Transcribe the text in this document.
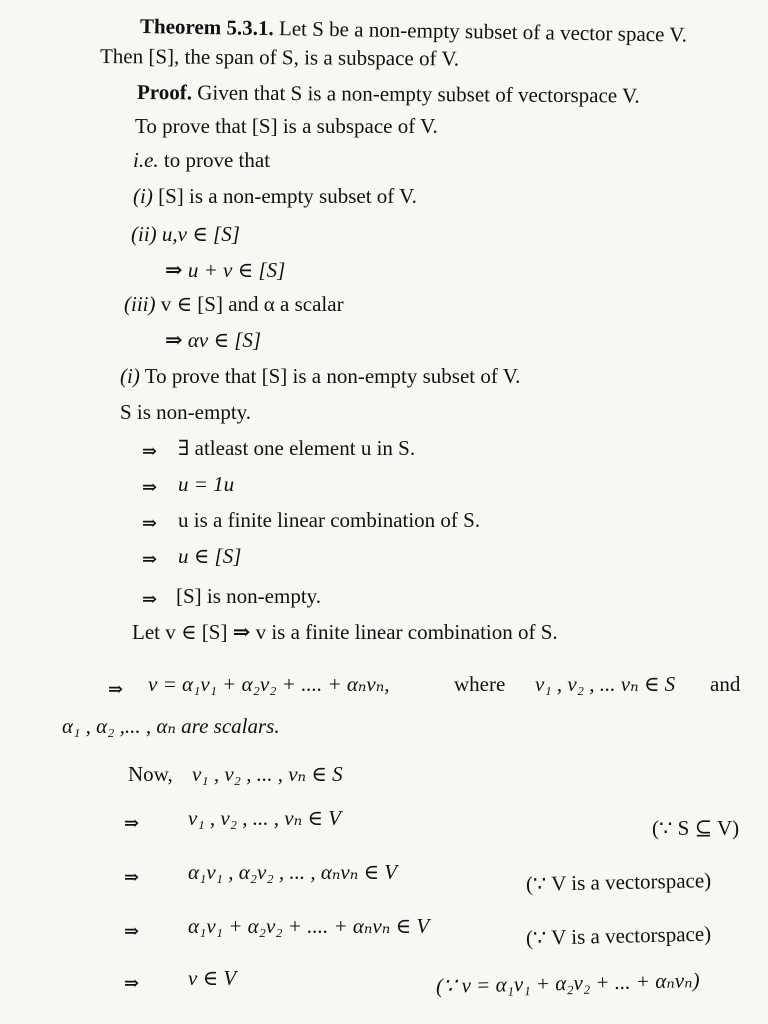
Theorem 5.3.1. Let S be a non-empty subset of a vector space V.
Then [S], the span of S, is a subspace of V.
Proof. Given that S is a non-empty subset of vectorspace V.
To prove that [S] is a subspace of V.
i.e. to prove that
(i) [S] is a non-empty subset of V.
(ii) u,v ∈ [S]
⇒ u + v ∈ [S]
(iii) v ∈ [S] and α a scalar
⇒ αv ∈ [S]
(i) To prove that [S] is a non-empty subset of V.
S is non-empty.
⇒ ∃ atleast one element u in S.
⇒ u = 1u
⇒ u is a finite linear combination of S.
⇒ u ∈ [S]
⇒ [S] is non-empty.
Let v ∈ [S] ⇒ v is a finite linear combination of S.
⇒ v = α₁v₁ + α₂v₂ + .... + αₙvₙ,	where v₁ , v₂ , ... vₙ ∈ S and
α₁ , α₂ ,... , αₙ are scalars.
Now, v₁ , v₂ , ... , vₙ ∈ S
⇒ v₁ , v₂ , ... , vₙ ∈ V	(∵ S ⊆ V)
⇒ α₁v₁ , α₂v₂ , ... , αₙvₙ ∈ V	(∵ V is a vectorspace)
⇒ α₁v₁ + α₂v₂ + .... + αₙvₙ ∈ V	(∵ V is a vectorspace)
⇒ v ∈ V	(∵ v = α₁v₁ + α₂v₂ + ... + αₙvₙ)
